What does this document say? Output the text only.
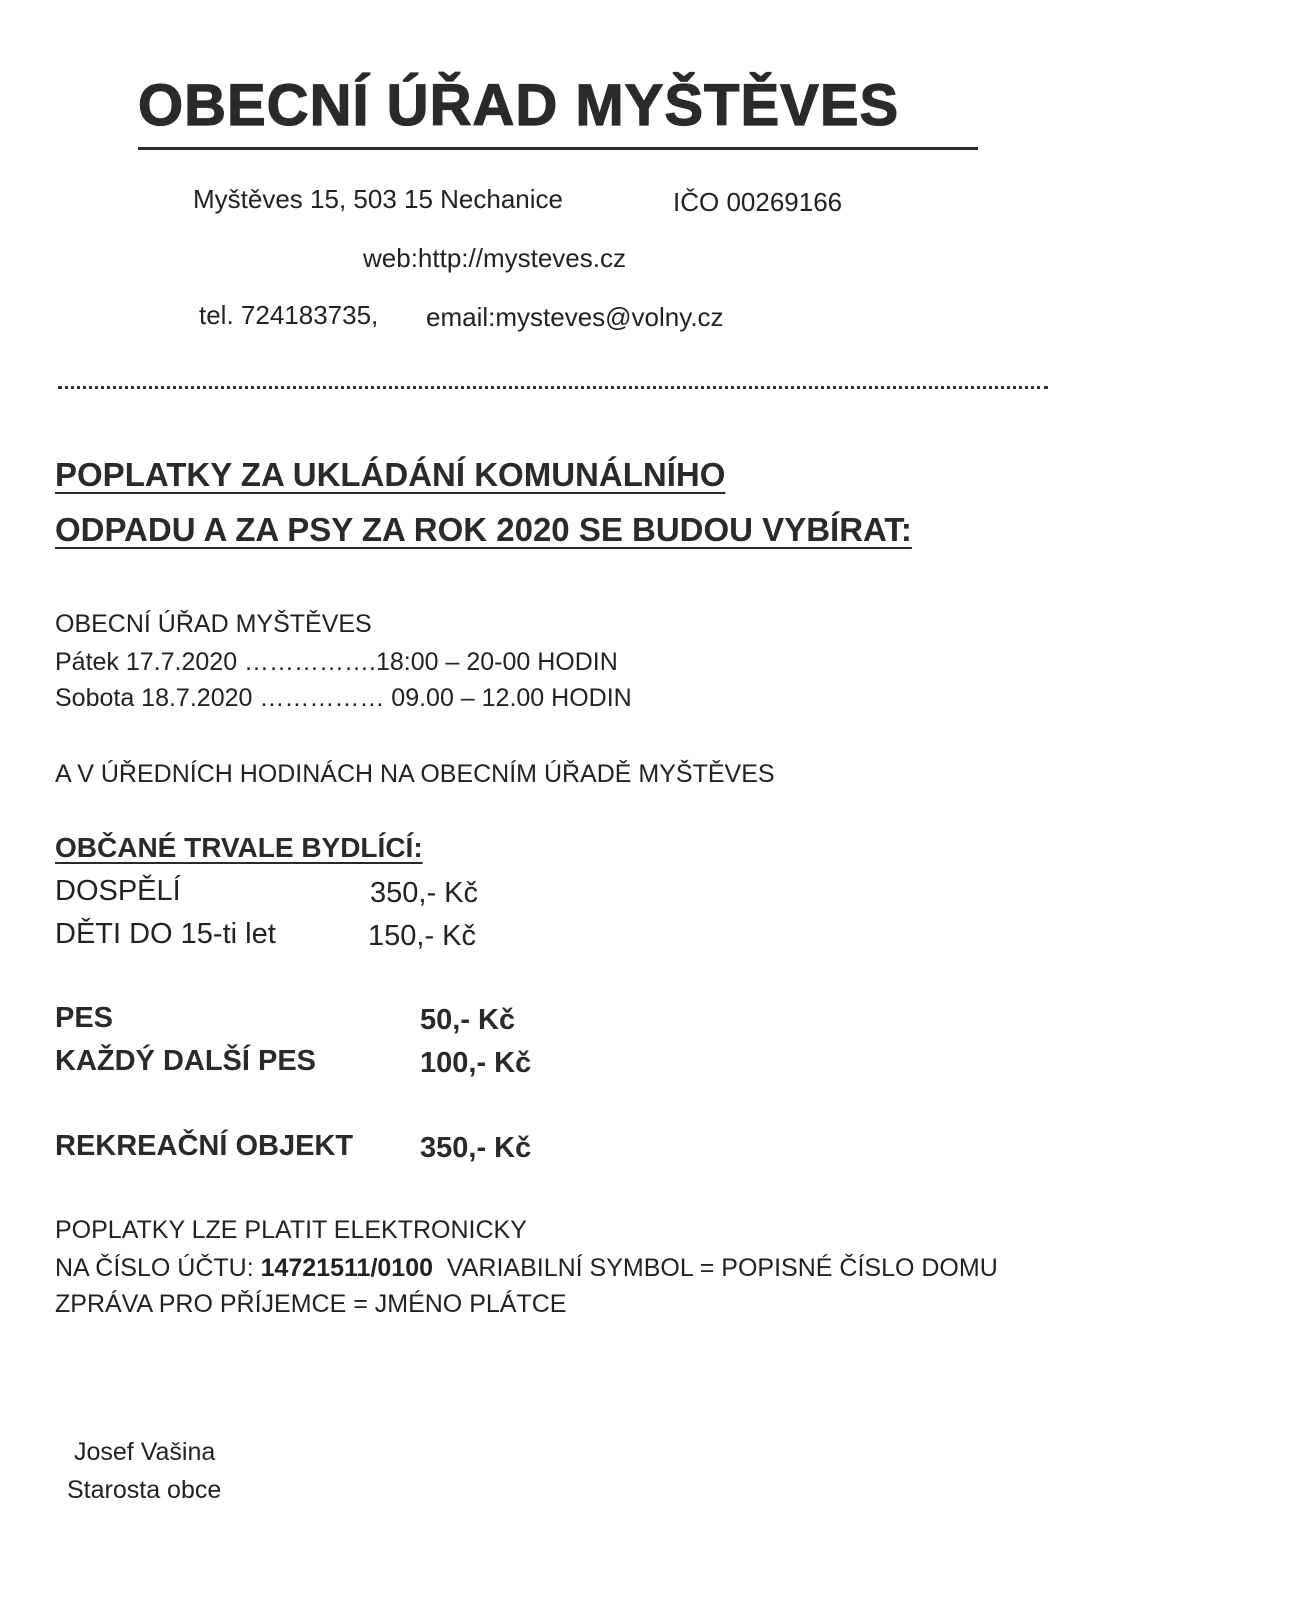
OBECNÍ ÚŘAD MYŠTĚVES
Myštěves 15, 503 15 Nechanice	IČO 00269166
web:http://mysteves.cz
tel. 724183735, email:mysteves@volny.cz
POPLATKY ZA UKLÁDÁNÍ KOMUNÁLNÍHO
ODPADU A ZA PSY ZA ROK 2020 SE BUDOU VYBÍRAT:
OBECNÍ ÚŘAD MYŠTĚVES
Pátek 17.7.2020 …………….18:00 – 20-00 HODIN
Sobota 18.7.2020 …………… 09.00 – 12.00 HODIN
A V ÚŘEDNÍCH HODINÁCH NA OBECNÍM ÚŘADĚ MYŠTĚVES
OBČANÉ TRVALE BYDLÍCÍ:
DOSPĚLÍ	350,- Kč
DĚTI DO 15-ti let	150,- Kč
PES	50,- Kč
KAŽDÝ DALŠÍ PES	100,- Kč
REKREAČNÍ OBJEKT 350,- Kč
POPLATKY LZE PLATIT ELEKTRONICKY
NA ČÍSLO ÚČTU: 14721511/0100  VARIABILNÍ SYMBOL = POPISNÉ ČÍSLO DOMU
ZPRÁVA PRO PŘÍJEMCE = JMÉNO PLÁTCE
Josef Vašina
Starosta obce
